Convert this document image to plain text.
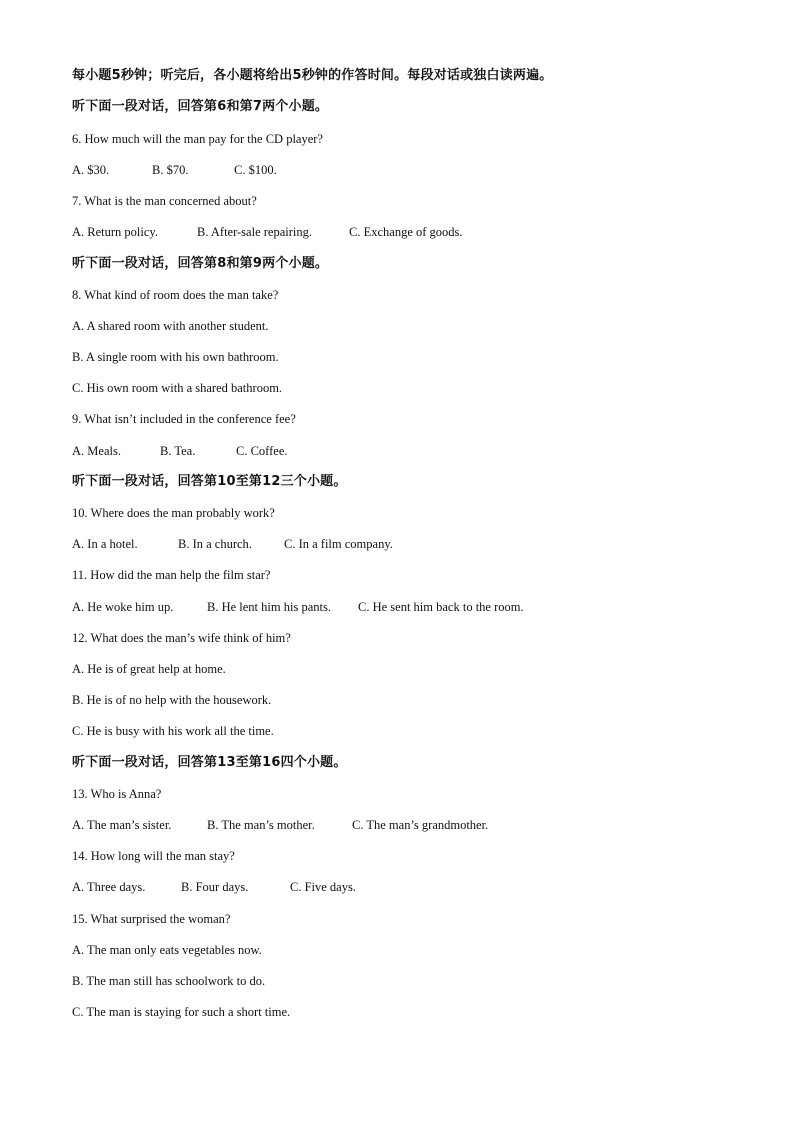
每小题5秒钟；听完后，各小题将给出5秒钟的作答时间。每段对话或独白读两遍。
听下面一段对话，回答第6和第7两个小题。
6. How much will the man pay for the CD player?
A. $30.	B. $70.	C. $100.
7. What is the man concerned about?
A. Return policy.	B. After-sale repairing.	C. Exchange of goods.
听下面一段对话，回答第8和第9两个小题。
8. What kind of room does the man take?
A. A shared room with another student.
B. A single room with his own bathroom.
C. His own room with a shared bathroom.
9. What isn’t included in the conference fee?
A. Meals.	B. Tea.	C. Coffee.
听下面一段对话，回答第10至第12三个小题。
10. Where does the man probably work?
A. In a hotel.	B. In a church.	C. In a film company.
11. How did the man help the film star?
A. He woke him up.	B. He lent him his pants.	C. He sent him back to the room.
12. What does the man’s wife think of him?
A. He is of great help at home.
B. He is of no help with the housework.
C. He is busy with his work all the time.
听下面一段对话，回答第13至第16四个小题。
13. Who is Anna?
A. The man’s sister.	B. The man’s mother.	C. The man’s grandmother.
14. How long will the man stay?
A. Three days.	B. Four days.	C. Five days.
15. What surprised the woman?
A. The man only eats vegetables now.
B. The man still has schoolwork to do.
C. The man is staying for such a short time.
